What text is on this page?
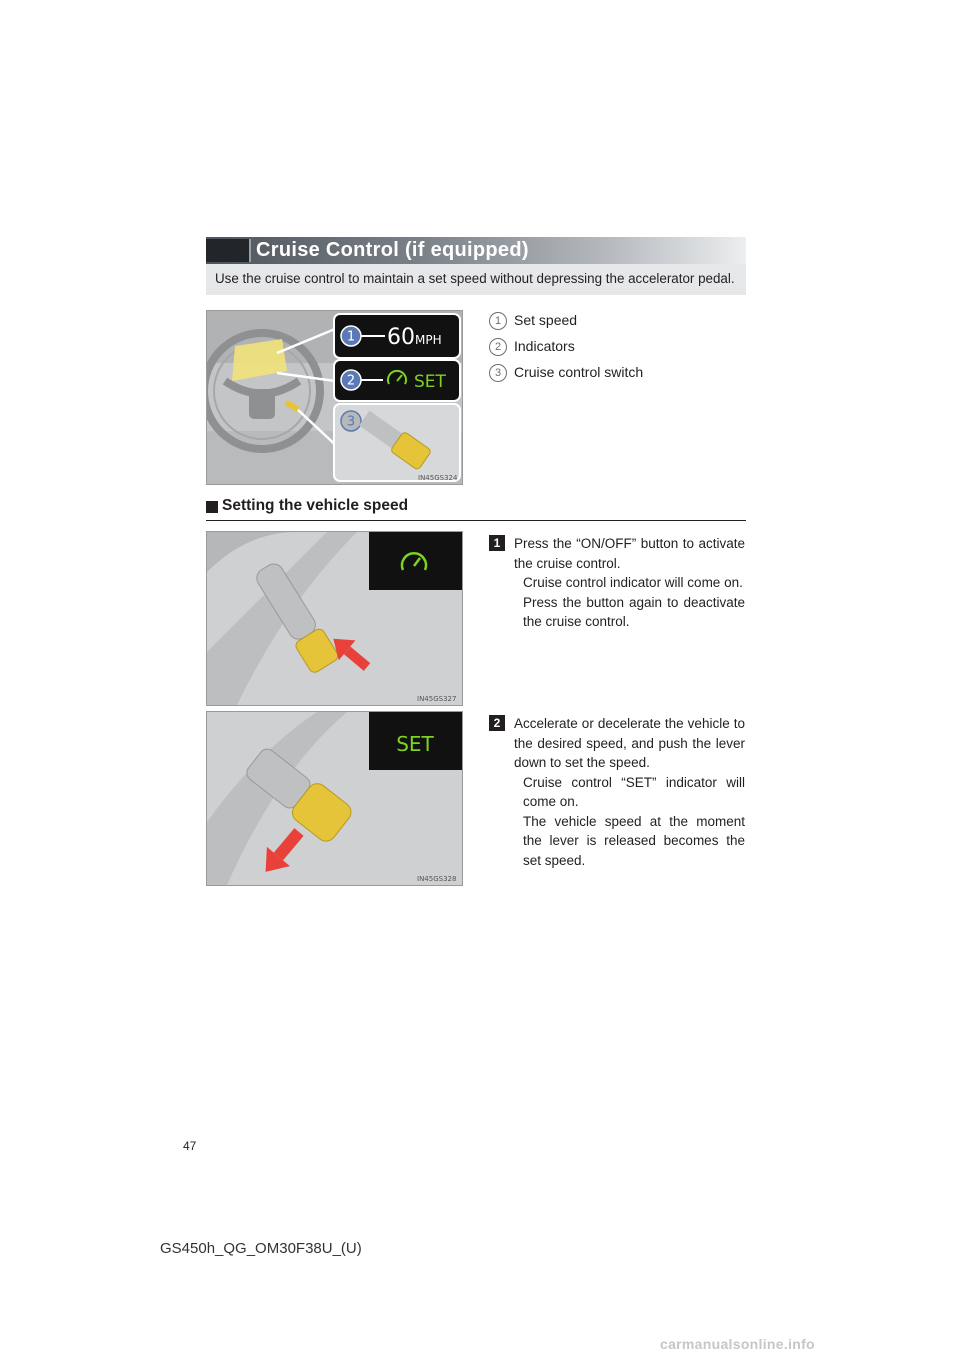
Cruise Control (if equipped)
Use the cruise control to maintain a set speed without depressing the accelerator pedal.
1
2
3
60 MPH
SET
IN45GS324
1 Set speed
2 Indicators
3 Cruise control switch
Setting the vehicle speed
IN45GS327
1	Press the “ON/OFF” button to activate the cruise control.

Cruise control indicator will come on.

Press the button again to deactivate the cruise control.

SET
IN45GS328
2	Accelerate or decelerate the vehicle to the desired speed, and push the lever down to set the speed.

Cruise control “SET” indicator will come on.

The vehicle speed at the moment the lever is released becomes the set speed.

47
GS450h_QG_OM30F38U_(U)
carmanualsonline.info
